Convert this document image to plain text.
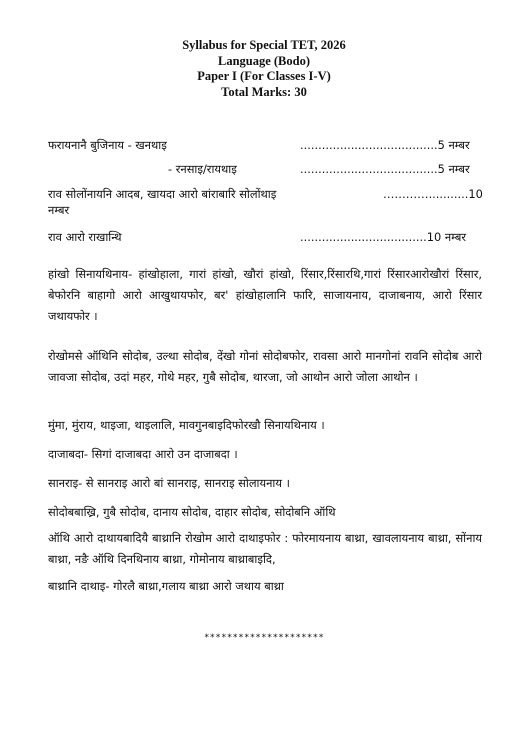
Syllabus for Special TET, 2026
Language (Bodo)
Paper I (For Classes I-V)
Total Marks: 30
फरायनानै बुजिनाय - खनथाइ	......................................5 नम्बर
- रनसाइ/रायथाइ	......................................5 नम्बर
राव सोलोंनायनि आदब, खायदा आरो बांराबारि सोलोंथाइ	…………...........10
नम्बर
राव आरो राखान्थि	...................................10 नम्बर

हांखो सिनायथिनाय- हांखोहाला, गारां हांखो, खौरां हांखो, रिंसार,रिंसारथि,गारां रिंसारआरोखौरां रिंसार, बेफोरनि बाहागो आरो आखुथायफोर, बर' हांखोहालानि फारि, साजायनाय, दाजाबनाय, आरो रिंसार जथायफोर ।

रोखोमसे ऑथिनि सोदोब, उल्था सोदोब, देंखो गोनां सोदोबफोर, रावसा आरो मानगोनां रावनि सोदोब आरो जावजा सोदोब, उदां महर, गोथे महर, गुबै सोदोब, थारजा, जो आथोन आरो जोला आथोन ।

मुंमा, मुंराय, थाइजा, थाइलालि, मावगुनबाइदिफोरखौ सिनायथिनाय ।

दाजाबदा- सिगां दाजाबदा आरो उन दाजाबदा ।

सानराइ- से सानराइ आरो बां सानराइ, सानराइ सोलायनाय ।

सोदोबबाख्रि, गुबै सोदोब, दानाय सोदोब, दाहार सोदोब, सोदोबनि ऑथि

ऑथि आरो दाथायबादियै बाथ्रानि रोखोम आरो दाथाइफोर : फोरमायनाय बाथ्रा, खावलायनाय बाथ्रा, सोंनाय बाथ्रा, नङै ऑथि दिनथिनाय बाथ्रा, गोमोनाय बाथ्राबाइदि,

बाथ्रानि दाथाइ- गोरलै बाथ्रा,गलाय बाथ्रा आरो जथाय बाथ्रा

*********************
